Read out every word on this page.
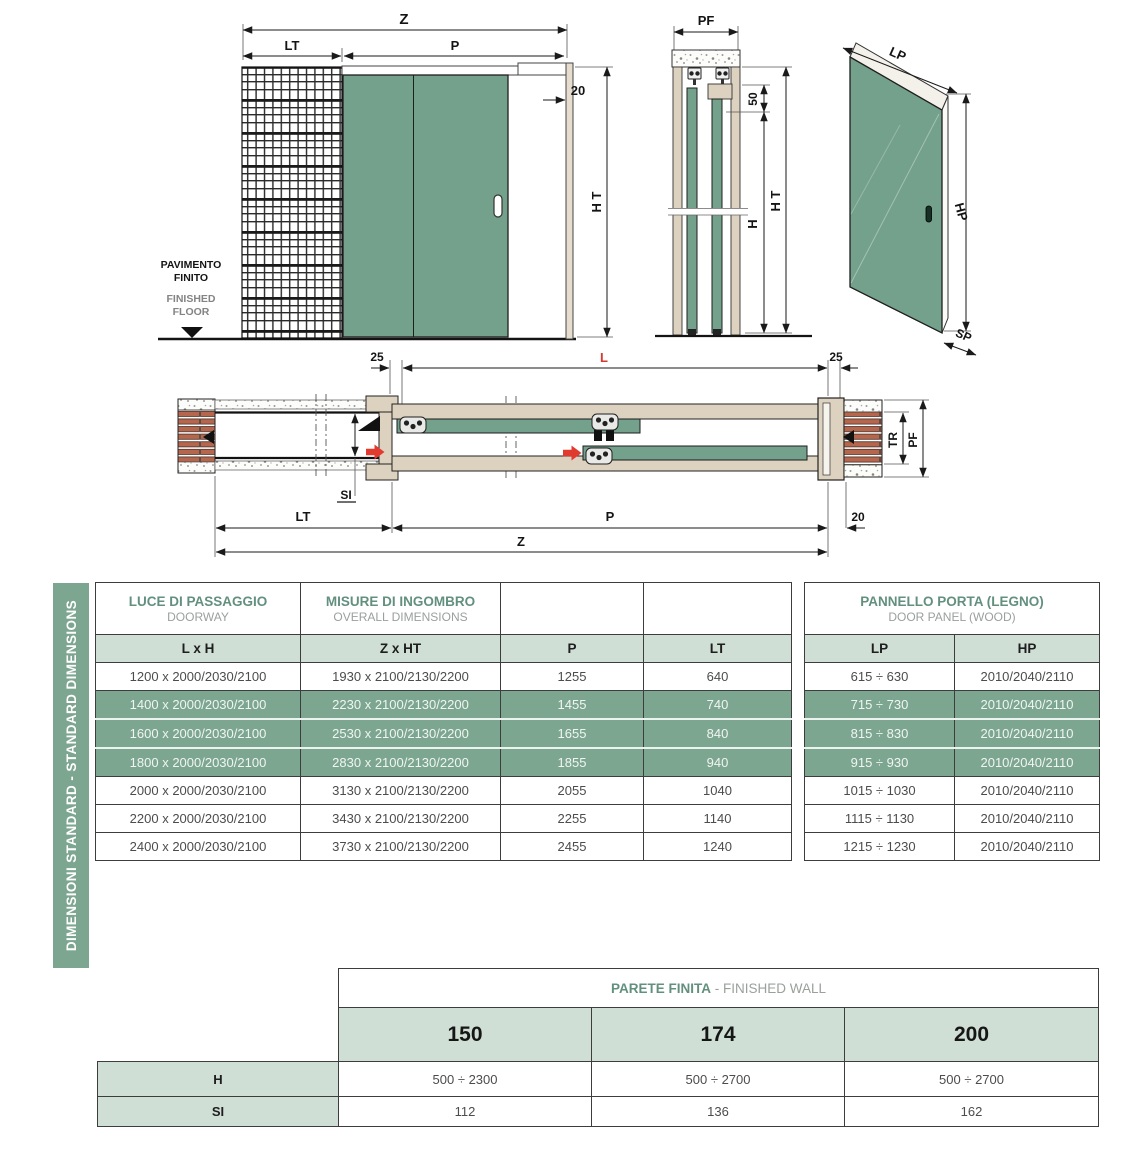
Z
LT	P
20
H T
PAVIMENTO
FINITO
FINISHED
FLOOR
PF
50
H
H T
LP
HP
SP
SI
25	L	25
TR PF
LT	P	20
Z
DIMENSIONI STANDARD - STANDARD DIMENSIONS	LUCE DI PASSAGGIO
DOORWAY

MISURE DI INGOMBRO
OVERALL DIMENSIONS

L x H	Z x HT	P	LT
1200 x 2000/2030/2100	1930 x 2100/2130/2200	1255	640
1400 x 2000/2030/2100	2230 x 2100/2130/2200	1455	740
1600 x 2000/2030/2100	2530 x 2100/2130/2200	1655	840
1800 x 2000/2030/2100	2830 x 2100/2130/2200	1855	940
2000 x 2000/2030/2100	3130 x 2100/2130/2200	2055	1040
2200 x 2000/2030/2100	3430 x 2100/2130/2200	2255	1140
2400 x 2000/2030/2100	3730 x 2100/2130/2200	2455	1240
PANNELLO PORTA (LEGNO)
DOOR PANEL (WOOD)	

LP	HP
615 ÷ 630	2010/2040/2110
715 ÷ 730	2010/2040/2110
815 ÷ 830	2010/2040/2110
915 ÷ 930	2010/2040/2110
1015 ÷ 1030	2010/2040/2110
1115 ÷ 1130	2010/2040/2110
1215 ÷ 1230	2010/2040/2110
	PARETE FINITA - FINISHED WALL		
	150	174	200
H	500 ÷ 2300	500 ÷ 2700	500 ÷ 2700
SI	112	136	162
